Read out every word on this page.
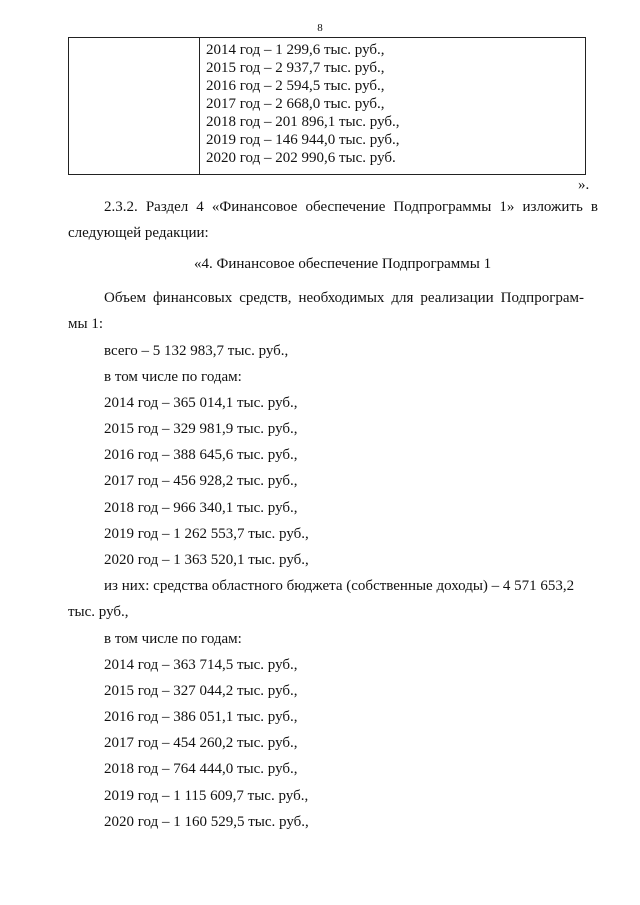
8

2014 год – 1 299,6 тыс. руб.,
2015 год – 2 937,7 тыс. руб.,
2016 год – 2 594,5 тыс. руб.,
2017 год – 2 668,0 тыс. руб.,
2018 год – 201 896,1 тыс. руб.,
2019 год – 146 944,0 тыс. руб.,
2020 год – 202 990,6 тыс. руб.
».
2.3.2. Раздел 4 «Финансовое обеспечение Подпрограммы 1» изложить в
следующей редакции:
«4. Финансовое обеспечение Подпрограммы 1
Объем финансовых средств, необходимых для реализации Подпрограм-
мы 1:
всего – 5 132 983,7 тыс. руб.,
в том числе по годам:
2014 год – 365 014,1 тыс. руб.,
2015 год – 329 981,9 тыс. руб.,
2016 год – 388 645,6 тыс. руб.,
2017 год – 456 928,2 тыс. руб.,
2018 год – 966 340,1 тыс. руб.,
2019 год – 1 262 553,7 тыс. руб.,
2020 год – 1 363 520,1 тыс. руб.,
из них: средства областного бюджета (собственные доходы) – 4 571 653,2
тыс. руб.,
в том числе по годам:
2014 год – 363 714,5 тыс. руб.,
2015 год – 327 044,2 тыс. руб.,
2016 год – 386 051,1 тыс. руб.,
2017 год – 454 260,2 тыс. руб.,
2018 год – 764 444,0 тыс. руб.,
2019 год – 1 115 609,7 тыс. руб.,
2020 год – 1 160 529,5 тыс. руб.,
